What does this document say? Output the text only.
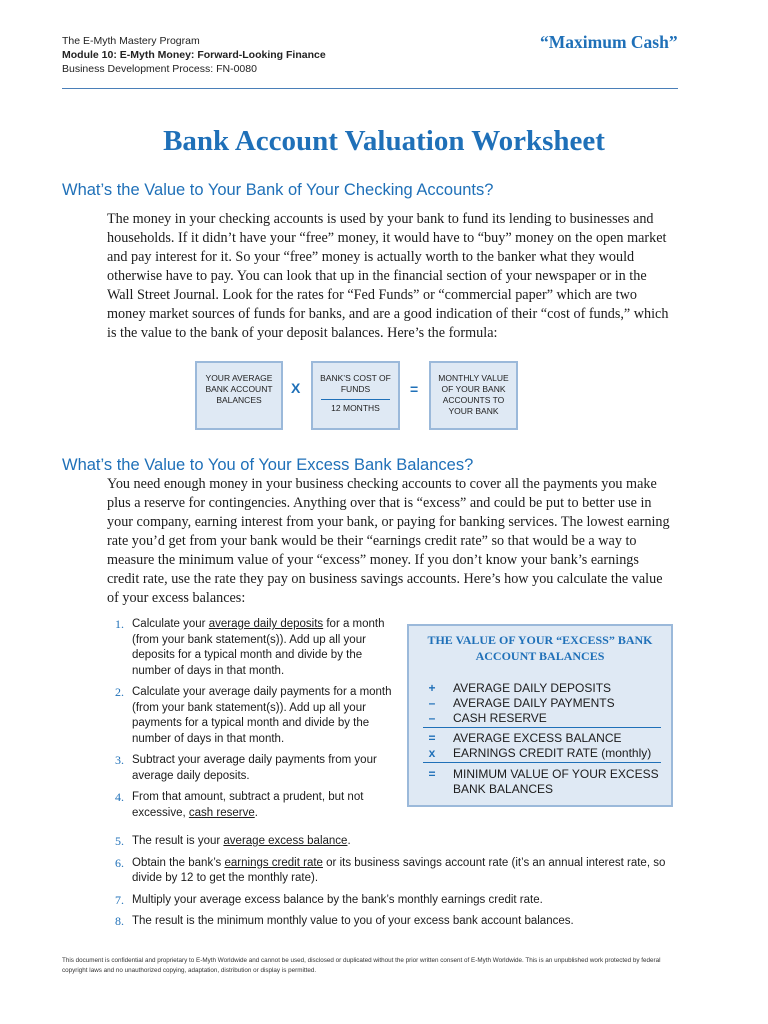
The E-Myth Mastery Program
Module 10: E-Myth Money: Forward-Looking Finance
Business Development Process: FN-0080
“Maximum Cash”
Bank Account Valuation Worksheet
What’s the Value to Your Bank of Your Checking Accounts?
The money in your checking accounts is used by your bank to fund its lending to businesses and households. If it didn’t have your “free” money, it would have to “buy” money on the open market and pay interest for it. So your “free” money is actually worth to the banker what they would otherwise have to pay. You can look that up in the financial section of your newspaper or in the Wall Street Journal. Look for the rates for “Fed Funds” or “commercial paper” which are two money market sources of funds for banks, and are a good indication of their “cost of funds,” which is the value to the bank of your deposit balances. Here’s the formula:
YOUR AVERAGE BANK ACCOUNT BALANCES
X
BANK’S COST OF FUNDS
12 MONTHS
=
MONTHLY VALUE OF YOUR BANK ACCOUNTS TO YOUR BANK
What’s the Value to You of Your Excess Bank Balances?
You need enough money in your business checking accounts to cover all the payments you make plus a reserve for contingencies. Anything over that is “excess” and could be put to better use in your company, earning interest from your bank, or paying for banking services. The lowest earning rate you’d get from your bank would be their “earnings credit rate” so that would be a way to measure the minimum value of your “excess” money. If you don’t know your bank’s earnings credit rate, use the rate they pay on business savings accounts. Here’s how you calculate the value of your excess balances:
1. Calculate your average daily deposits for a month (from your bank statement(s)). Add up all your deposits for a typical month and divide by the number of days in that month.
2. Calculate your average daily payments for a month (from your bank statement(s)). Add up all your payments for a typical month and divide by the number of days in that month.
3. Subtract your average daily payments from your average daily deposits.
4. From that amount, subtract a prudent, but not excessive, cash reserve.
5. The result is your average excess balance.
6. Obtain the bank’s earnings credit rate or its business savings account rate (it’s an annual interest rate, so divide by 12 to get the monthly rate).
7. Multiply your average excess balance by the bank’s monthly earnings credit rate.
8. The result is the minimum monthly value to you of your excess bank account balances.
THE VALUE OF YOUR “EXCESS” BANK ACCOUNT BALANCES
+ AVERAGE DAILY DEPOSITS
–	AVERAGE DAILY PAYMENTS
–	CASH RESERVE
= AVERAGE EXCESS BALANCE
x	EARNINGS CREDIT RATE (monthly)
= MINIMUM VALUE OF YOUR EXCESS BANK BALANCES
This document is confidential and proprietary to E-Myth Worldwide and cannot be used, disclosed or duplicated without the prior written consent of E-Myth Worldwide. This is an unpublished work protected by federal copyright laws and no unauthorized copying, adaptation, distribution or display is permitted.
